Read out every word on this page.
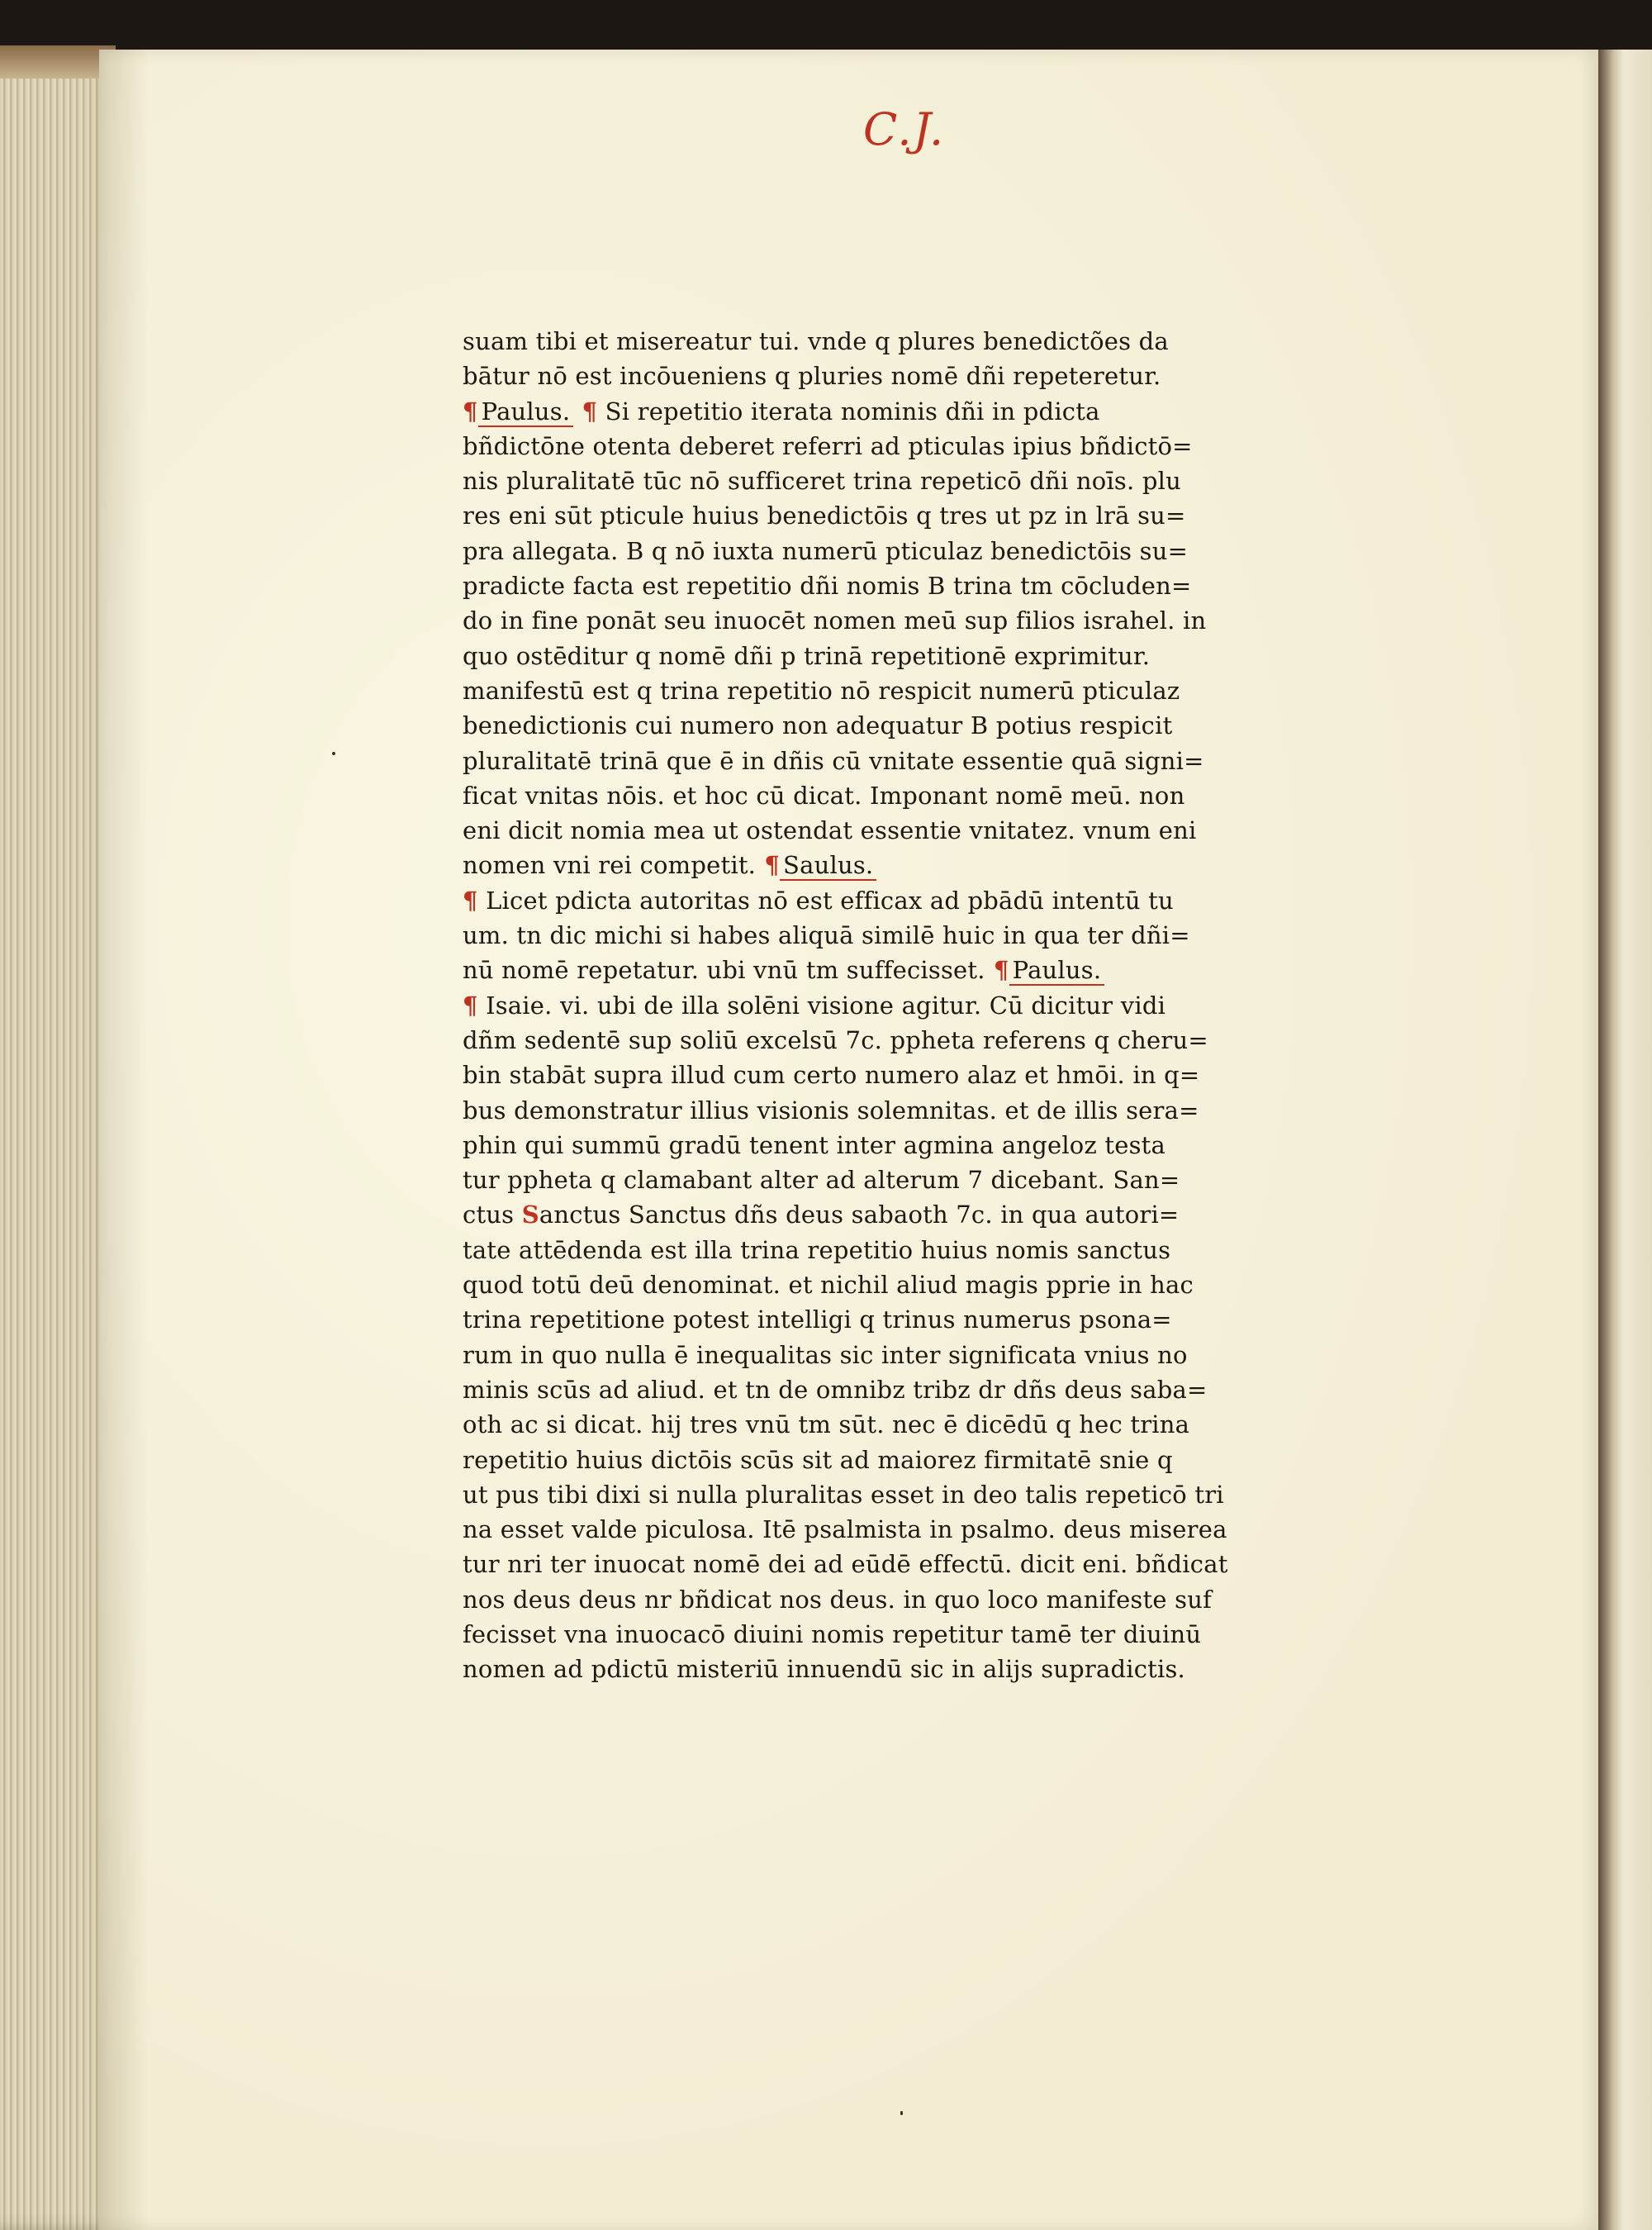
C.J.
suam tibi et misereatur tui. vnde q plures benedictões da
bātur nō est incōueniens q pluries nomē dñi repeteretur.
¶ Paulus. ¶ Si repetitio iterata nominis dñi in pdicta
bñdictōne otenta deberet referri ad pticulas ipius bñdictō=
nis pluralitatē tūc nō sufficeret trina repeticō dñi noīs. plu
res eni sūt pticule huius benedictōis q tres ut pz in lrā su=
pra allegata. B q nō iuxta numerū pticulaz benedictōis su=
pradicte facta est repetitio dñi nomis B trina tm cōcluden=
do in fine ponāt seu inuocēt nomen meū sup filios israhel. in
quo ostēditur q nomē dñi p trinā repetitionē exprimitur.
manifestū est q trina repetitio nō respicit numerū pticulaz
benedictionis cui numero non adequatur B potius respicit
pluralitatē trinā que ē in dñis cū vnitate essentie quā signi=
ficat vnitas nōis. et hoc cū dicat. Imponant nomē meū. non
eni dicit nomia mea ut ostendat essentie vnitatez. vnum eni
nomen vni rei competit. ¶ Saulus.
¶ Licet pdicta autoritas nō est efficax ad pbādū intentū tu
um. tn dic michi si habes aliquā similē huic in qua ter dñi=
nū nomē repetatur. ubi vnū tm suffecisset. ¶ Paulus.
¶ Isaie. vi. ubi de illa solēni visione agitur. Cū dicitur vidi
dñm sedentē sup soliū excelsū 7c. ppheta referens q cheru=
bin stabāt supra illud cum certo numero alaz et hmōi. in q=
bus demonstratur illius visionis solemnitas. et de illis sera=
phin qui summū gradū tenent inter agmina angeloz testa
tur ppheta q clamabant alter ad alterum 7 dicebant. San=
ctus Sanctus Sanctus dñs deus sabaoth 7c. in qua autori=
tate attēdenda est illa trina repetitio huius nomis sanctus
quod totū deū denominat. et nichil aliud magis pprie in hac
trina repetitione potest intelligi q trinus numerus psona=
rum in quo nulla ē inequalitas sic inter significata vnius no
minis scūs ad aliud. et tn de omnibz tribz dr dñs deus saba=
oth ac si dicat. hij tres vnū tm sūt. nec ē dicēdū q hec trina
repetitio huius dictōis scūs sit ad maiorez firmitatē snie q
ut pus tibi dixi si nulla pluralitas esset in deo talis repeticō tri
na esset valde piculosa. Itē psalmista in psalmo. deus miserea
tur nri ter inuocat nomē dei ad eūdē effectū. dicit eni. bñdicat
nos deus deus nr bñdicat nos deus. in quo loco manifeste suf
fecisset vna inuocacō diuini nomis repetitur tamē ter diuinū
nomen ad pdictū misteriū innuendū sic in alijs supradictis.
